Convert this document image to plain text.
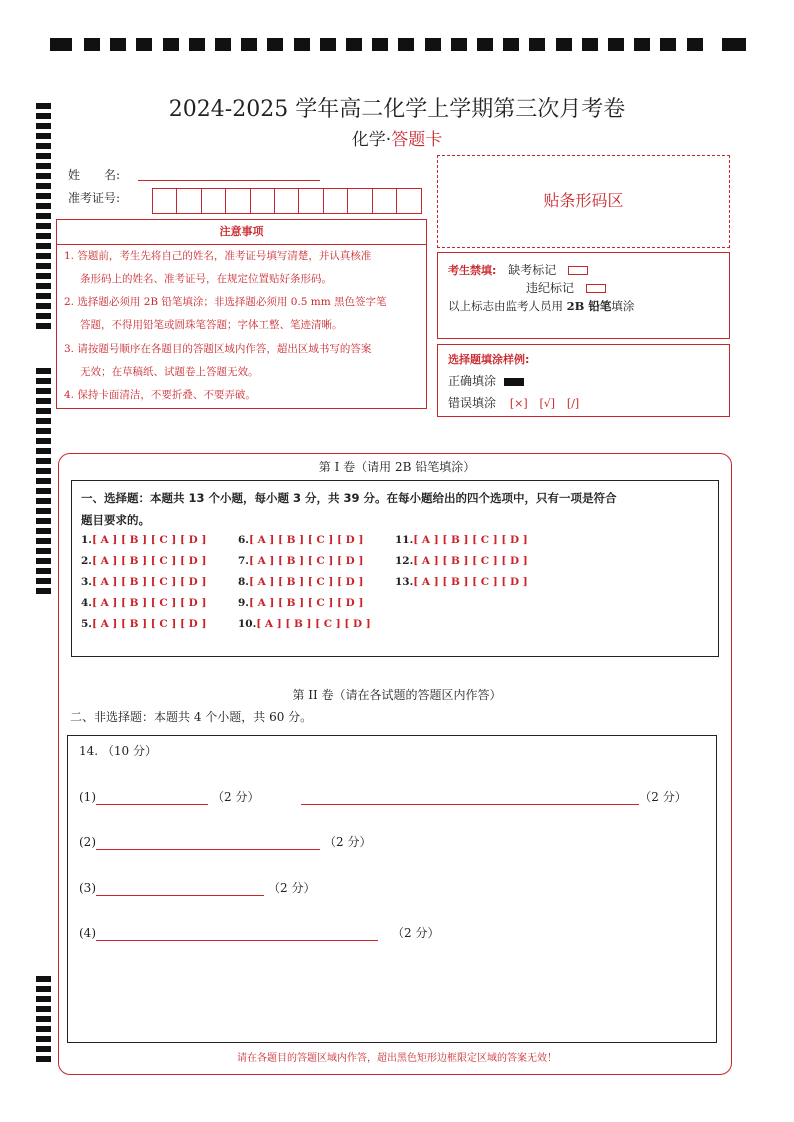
2024-2025 学年高二化学上学期第三次月考卷
化学·答题卡
姓　　名:
准考证号:	贴条形码区
注意事项
1. 答题前，考生先将自己的姓名，准考证号填写清楚，并认真核准
条形码上的姓名、准考证号，在规定位置贴好条形码。
2. 选择题必须用 2B 铅笔填涂；非选择题必须用 0.5 mm 黑色签字笔
答题，不得用铅笔或圆珠笔答题；字体工整、笔迹清晰。
3. 请按题号顺序在各题目的答题区域内作答，超出区域书写的答案
无效；在草稿纸、试题卷上答题无效。
4. 保持卡面清洁，不要折叠、不要弄破。
考生禁填: 缺考标记
违纪标记
以上标志由监考人员用 2B 铅笔填涂
选择题填涂样例:
正确填涂
错误填涂 [×] [√] [/]
第 I 卷（请用 2B 铅笔填涂）
一、选择题：本题共 13 个小题，每小题 3 分，共 39 分。在每小题给出的四个选项中，只有一项是符合
题目要求的。
1.[ A ] [ B ] [ C ] [ D ]
2.[ A ] [ B ] [ C ] [ D ]
3.[ A ] [ B ] [ C ] [ D ]
4.[ A ] [ B ] [ C ] [ D ]
5.[ A ] [ B ] [ C ] [ D ]
6.[ A ] [ B ] [ C ] [ D ]
7.[ A ] [ B ] [ C ] [ D ]
8.[ A ] [ B ] [ C ] [ D ]
9.[ A ] [ B ] [ C ] [ D ]
10.[ A ] [ B ] [ C ] [ D ]
11.[ A ] [ B ] [ C ] [ D ]
12.[ A ] [ B ] [ C ] [ D ]
13.[ A ] [ B ] [ C ] [ D ]
第 II 卷（请在各试题的答题区内作答）
二、非选择题：本题共 4 个小题，共 60 分。
14. （10 分）
(1)	（2 分）	（2 分）
(2)	（2 分）
(3)	（2 分）
(4)	（2 分）
请在各题目的答题区域内作答，超出黑色矩形边框限定区域的答案无效！
